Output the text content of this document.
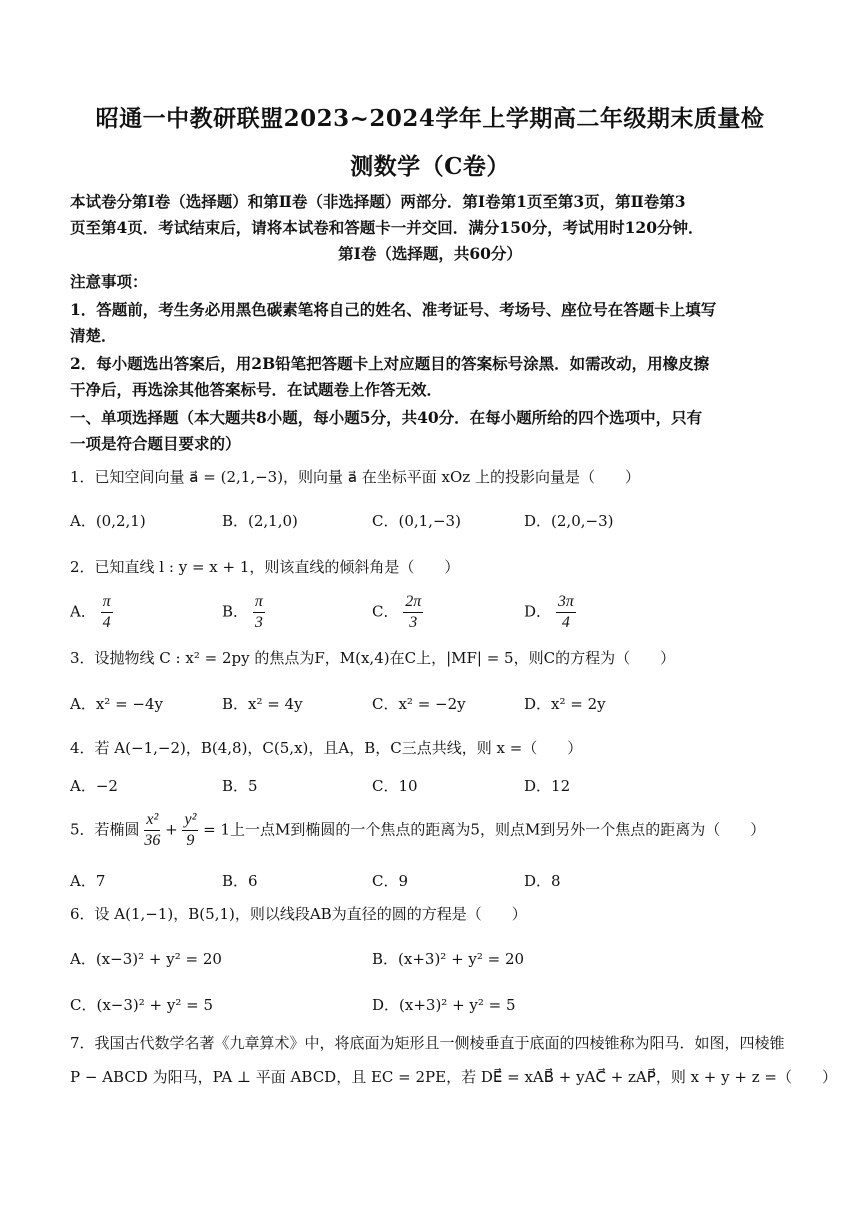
昭通一中教研联盟2023~2024学年上学期高二年级期末质量检
测数学（C卷）
本试卷分第Ⅰ卷（选择题）和第Ⅱ卷（非选择题）两部分．第Ⅰ卷第1页至第3页，第Ⅱ卷第3
页至第4页．考试结束后，请将本试卷和答题卡一并交回．满分150分，考试用时120分钟．
第Ⅰ卷（选择题，共60分）
注意事项：
1．答题前，考生务必用黑色碳素笔将自己的姓名、准考证号、考场号、座位号在答题卡上填写
清楚．
2．每小题选出答案后，用2B铅笔把答题卡上对应题目的答案标号涂黑．如需改动，用橡皮擦
干净后，再选涂其他答案标号．在试题卷上作答无效．
一、单项选择题（本大题共8小题，每小题5分，共40分．在每小题所给的四个选项中，只有
一项是符合题目要求的）
1．已知空间向量 a⃗ = (2,1,−3)，则向量 a⃗ 在坐标平面 xOz 上的投影向量是（　　）
A．(0,2,1)	B．(2,1,0)	C．(0,1,−3)	D．(2,0,−3)
2．已知直线 l : y = x + 1，则该直线的倾斜角是（　　）
A． $\frac{\pi}{4}$	B． $\frac{\pi}{3}$	C． $\frac{2\pi}{3}$	D． $\frac{3\pi}{4}$
3．设抛物线 C : x² = 2py 的焦点为F，M(x,4)在C上，|MF| = 5，则C的方程为（　　）
A．x² = −4y	B．x² = 4y	C．x² = −2y	D．x² = 2y
4．若 A(−1,−2)，B(4,8)，C(5,x)，且A，B，C三点共线，则 x =（　　）
A．−2	B．5	C．10	D．12
5．若椭圆 $\frac{\text{x²}}{36} + \frac{\text{y²}}{9} = 1$上一点M到椭圆的一个焦点的距离为5，则点M到另外一个焦点的距离为（　　）
A．7	B．6	C．9	D．8
6．设 A(1,−1)，B(5,1)，则以线段AB为直径的圆的方程是（　　）
A．(x−3)² + y² = 20	B．(x+3)² + y² = 20
C．(x−3)² + y² = 5	D．(x+3)² + y² = 5
7．我国古代数学名著《九章算术》中，将底面为矩形且一侧棱垂直于底面的四棱锥称为阳马．如图，四棱锥
P − ABCD 为阳马，PA ⊥ 平面 ABCD，且 EC = 2PE，若 DE⃗ = xAB⃗ + yAC⃗ + zAP⃗，则 x + y + z =（　　）
